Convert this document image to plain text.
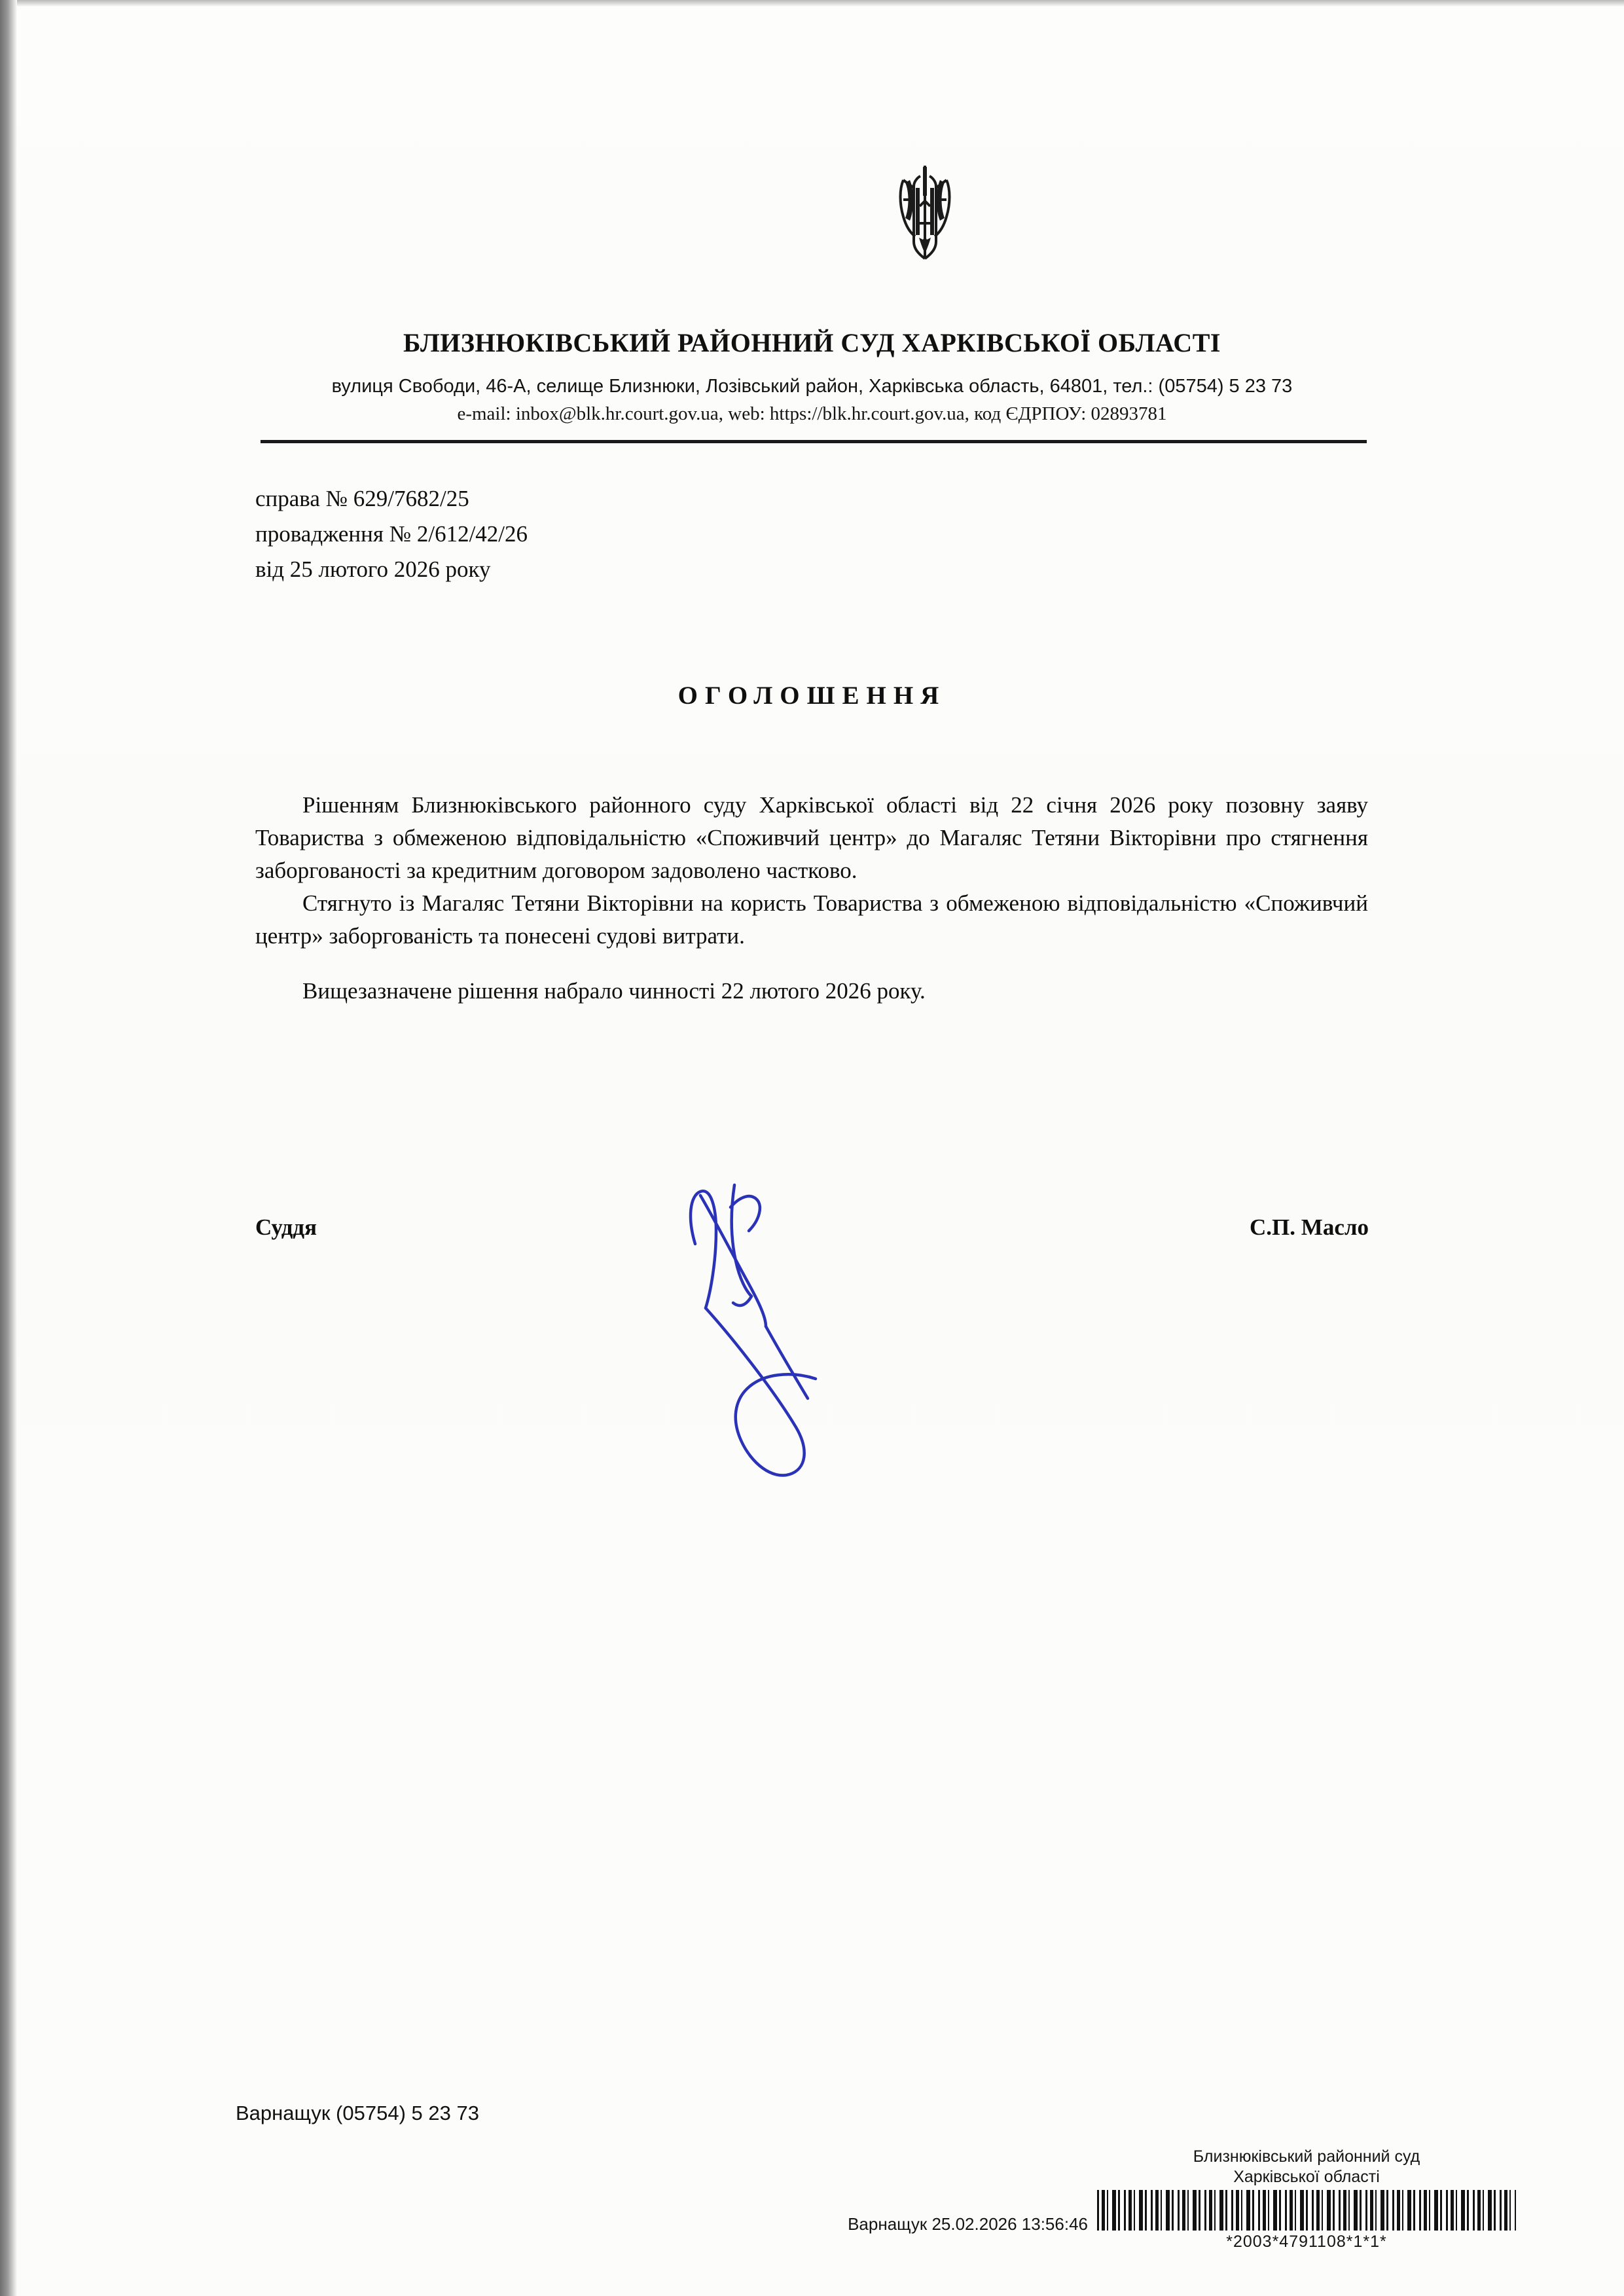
БЛИЗНЮКІВСЬКИЙ РАЙОННИЙ СУД ХАРКІВСЬКОЇ ОБЛАСТІ
вулиця Свободи, 46-А, селище Близнюки, Лозівський район, Харківська область, 64801, тел.: (05754) 5 23 73
e-mail: inbox@blk.hr.court.gov.ua, web: https://blk.hr.court.gov.ua, код ЄДРПОУ: 02893781
справа № 629/7682/25
провадження № 2/612/42/26
від 25 лютого 2026 року
ОГОЛОШЕННЯ

Рішенням Близнюківського районного суду Харківської області від 22 січня 2026 року позовну заяву Товариства з обмеженою відповідальністю «Споживчий центр» до Магаляс Тетяни Вікторівни про стягнення заборгованості за кредитним договором задоволено частково.

Стягнуто із Магаляс Тетяни Вікторівни на користь Товариства з обмеженою відповідальністю «Споживчий центр» заборгованість та понесені судові витрати.

Вищезазначене рішення набрало чинності 22 лютого 2026 року.

Суддя	С.П. Масло
Варнащук (05754) 5 23 73
Варнащук 25.02.2026 13:56:46
Близнюківський районний суд
Харківської області
*2003*4791108*1*1*
